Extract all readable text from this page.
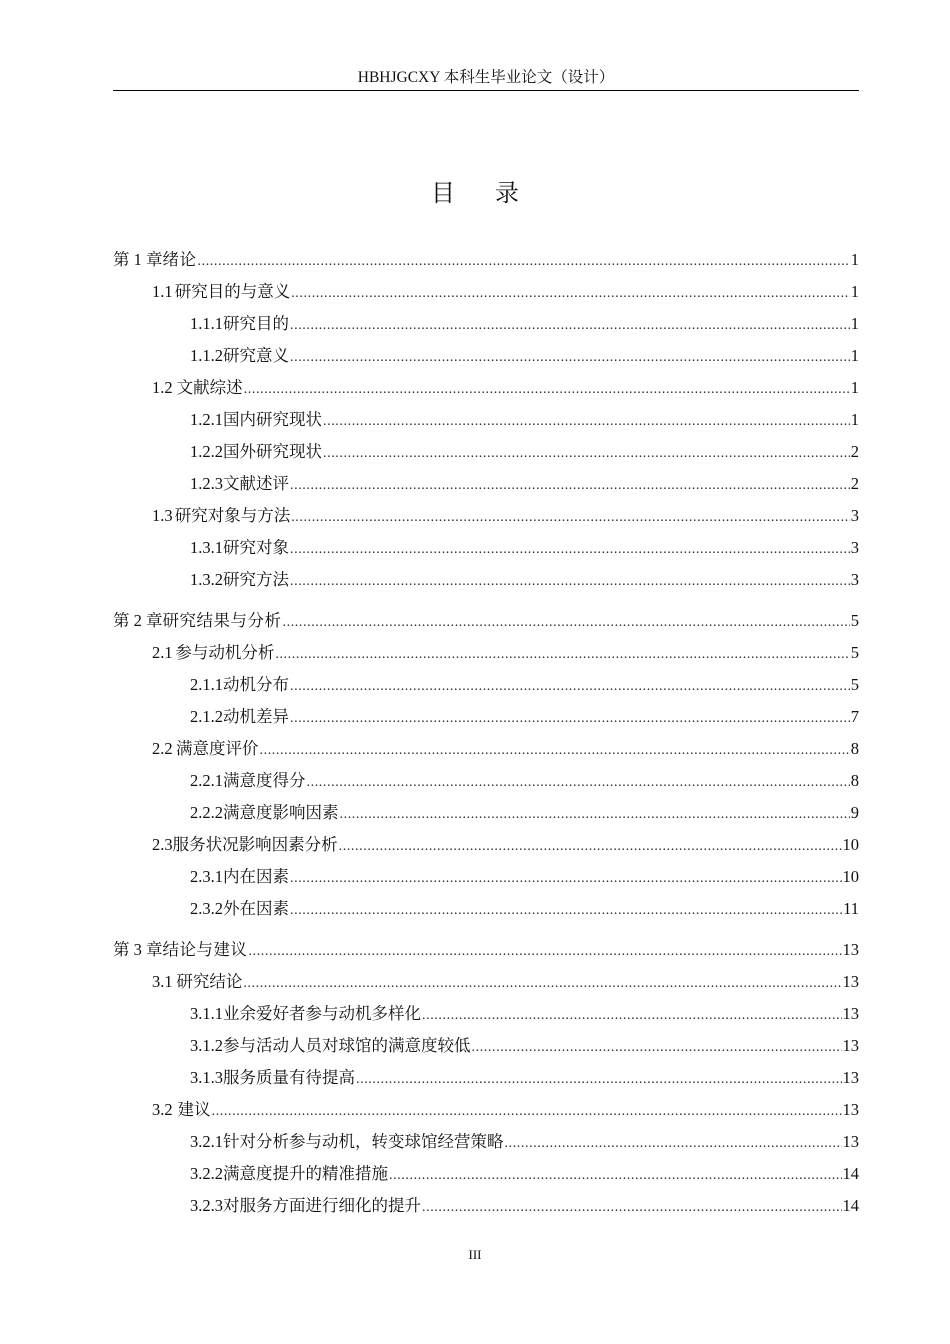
HBHJGCXY 本科生毕业论文（设计）
目录
第 1 章 绪论 .....	1
1.1 研究目的与意义 .....	1
1.1.1 研究目的 .....	1
1.1.2 研究意义 .....	1
1.2 文献综述 .....	1
1.2.1 国内研究现状 .....	1
1.2.2 国外研究现状 .....	2
1.2.3 文献述评 .....	2
1.3 研究对象与方法 .....	3
1.3.1 研究对象 .....	3
1.3.2 研究方法 .....	3
第 2 章 研究结果与分析 .....	5
2.1 参与动机分析 .....	5
2.1.1 动机分布 .....	5
2.1.2 动机差异 .....	7
2.2 满意度评价 .....	8
2.2.1 满意度得分 .....	8
2.2.2 满意度影响因素 .....	9
2.3 服务状况影响因素分析 .....	10
2.3.1 内在因素 .....	10
2.3.2 外在因素 .....	11
第 3 章 结论与建议 .....	13
3.1 研究结论 .....	13
3.1.1 业余爱好者参与动机多样化 .....	13
3.1.2 参与活动人员对球馆的满意度较低 .....	13
3.1.3 服务质量有待提高 .....	13
3.2 建议 .....	13
3.2.1 针对分析参与动机，转变球馆经营策略 .....	13
3.2.2 满意度提升的精准措施 .....	14
3.2.3 对服务方面进行细化的提升 .....	14
III
